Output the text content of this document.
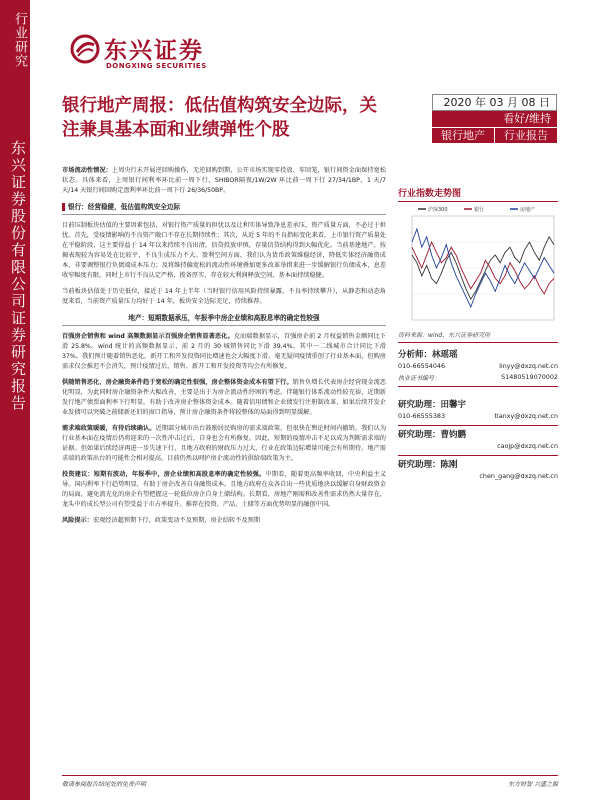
行业研究
东兴证券股份有限公司证券研究报告
东兴证券
DONGXING SECURITIES
银行地产周报：低估值构筑安全边际，关注兼具基本面和业绩弹性个股
2020 年 03 月 08 日
看好/维持
银行地产	行业报告

市场流动性情况：上周央行未开展逆回购操作，无逆回购到期，公开市场实现零投放、零回笼，银行间资金面保持宽松状态。具体来看，上周银行间利率环比前一周下行，SHIBOR隔夜/1W/2W 环比前一周下行 27/34/1BP，1 天/7 天/14 天银行间回购定盘利率环比前一周下行 26/36/50BP。

银行：经营稳健，低估值构筑安全边际

目前压制板块估值的主要因素包括，对银行资产质量的担忧以及让利实体导致净息差承压，资产质量方面，不必过于担忧。首先，受疫情影响的不良资产敞口不存在长期持续性；其次，从近 5 年的不良指标变化来看，上市银行资产质量处在平稳阶段，这主要得益于 14 年以来持续不良出清，信贷投放审慎，存量信贷结构得到大幅优化。当前基建地产、按揭表现较为容易处在比较平，不良生成压力不大。盈利空间方面，我们认为货币政策维稳经济，降低实体经济融资成本，非要调整银行负债端成本压力；及将维持偏宽松的流动性环境叠加更多改革举措来进一步缓解银行负债成本，息差收窄幅度有限。同时上市行不良认定严格，拨备厚实，存在较大利润释放空间，基本面持续稳健。

当前板块估值处于历史低位，接近于 14 年上半年（当时银行信用风险持续暴露，不良率持续攀升），从静态和动态角度来看，当前资产质量压力均好于 14 年，板块安全边际充足，持续推荐。

地产：短期数据承压，年报季中房企业绩和高股息率的确定性较强

百强房企销售和 wind 高频数据显示百强房企销售显著恶化。克而瑞数据显示，百强房企前 2 月权益销售金额同比下滑 25.8%。wind 统计的高频数据显示，前 2 月的 30 城销售同比下滑 39.4%，其中一二线城市合计同比下滑 37%。我们预计随着销售恶化，新开工和开发投资同比增速也会大幅度下滑。毫无疑问疫情重创了行业基本面，但购房需求仅会推迟不会消失，预计疫情过后，销售、新开工和开发投资等均会有所修复。

供随销售恶化，房企融资条件趋于宽松的确定性很强，房企整体资金成本有望下行。销售负增长代表房企经营现金流恶化明显，为此同时房企融资条件大幅改善，主要是出于为房企流动性纾困的考虑。伴随银行体系流动性较充裕，近期新发行地产债票面利率下行明显，有助于改善房企整体资金成本。随着信用债和企业债发行注册制改革，如果后续开发企业发债可以突破之前储新还旧的窗口指导，预计房企融资条件将较整体的局面得到明显缓解。

需求端政策暖暖，有待后续确认。近期部分城市出台鼓励居民购房的需求端政策，但很快在舆论时间内撤销。我们认为行业基本面在疫情后仍将迎来的一次性冲击过后，自身也会有所修复。因此，短期的疫情冲击不足以成为判断需求端的证据。但如果后续经济再进一步失速下行，且地方政府的财政压力过大，行业在政策边际增量可能会有所期待。地产需求端的政策出台的可能性会相对提高，目前仍然以呵护房企流动性的供给端政策为主。

投资建议：短期有波动，年报季中，房企业绩和高股息率的确定性较强。中期看，随着更高频率收回，中央利益主义导。国内利率下行趋势明显，有助于房企改善自身融资成本。且地方政府在众各自出一些优质地块以缓解自身财政资金的局面，避免流光化的房企有望把握这一轮低位房企自身土储结构。长期看，房地产刚需和改善性需求仍然大量存在，龙头中的成长型公司有望受益于市占率提升。推荐在投资、产品、土储等方面优势明显的融创中国。

风险提示：宏观经济超预期下行，政策变动不及预期，房企结转不及预期

行业指数走势图
沪深300	银行	房地产
资料来源：wind、东兴证券研究所
分析师：林瑶瑶
010-66554046	linyy@dxzq.net.cn
执业证书编号：	S1480519070002
研究助理：田馨宇
010-66555383	tianxy@dxzq.net.cn
研究助理：曹钧鹏
caojp@dxzq.net.cn
研究助理：陈刚
chen_gang@dxzq.net.cn
敬请参阅报告结尾处的免责声明	东方财智 兴盛之源
